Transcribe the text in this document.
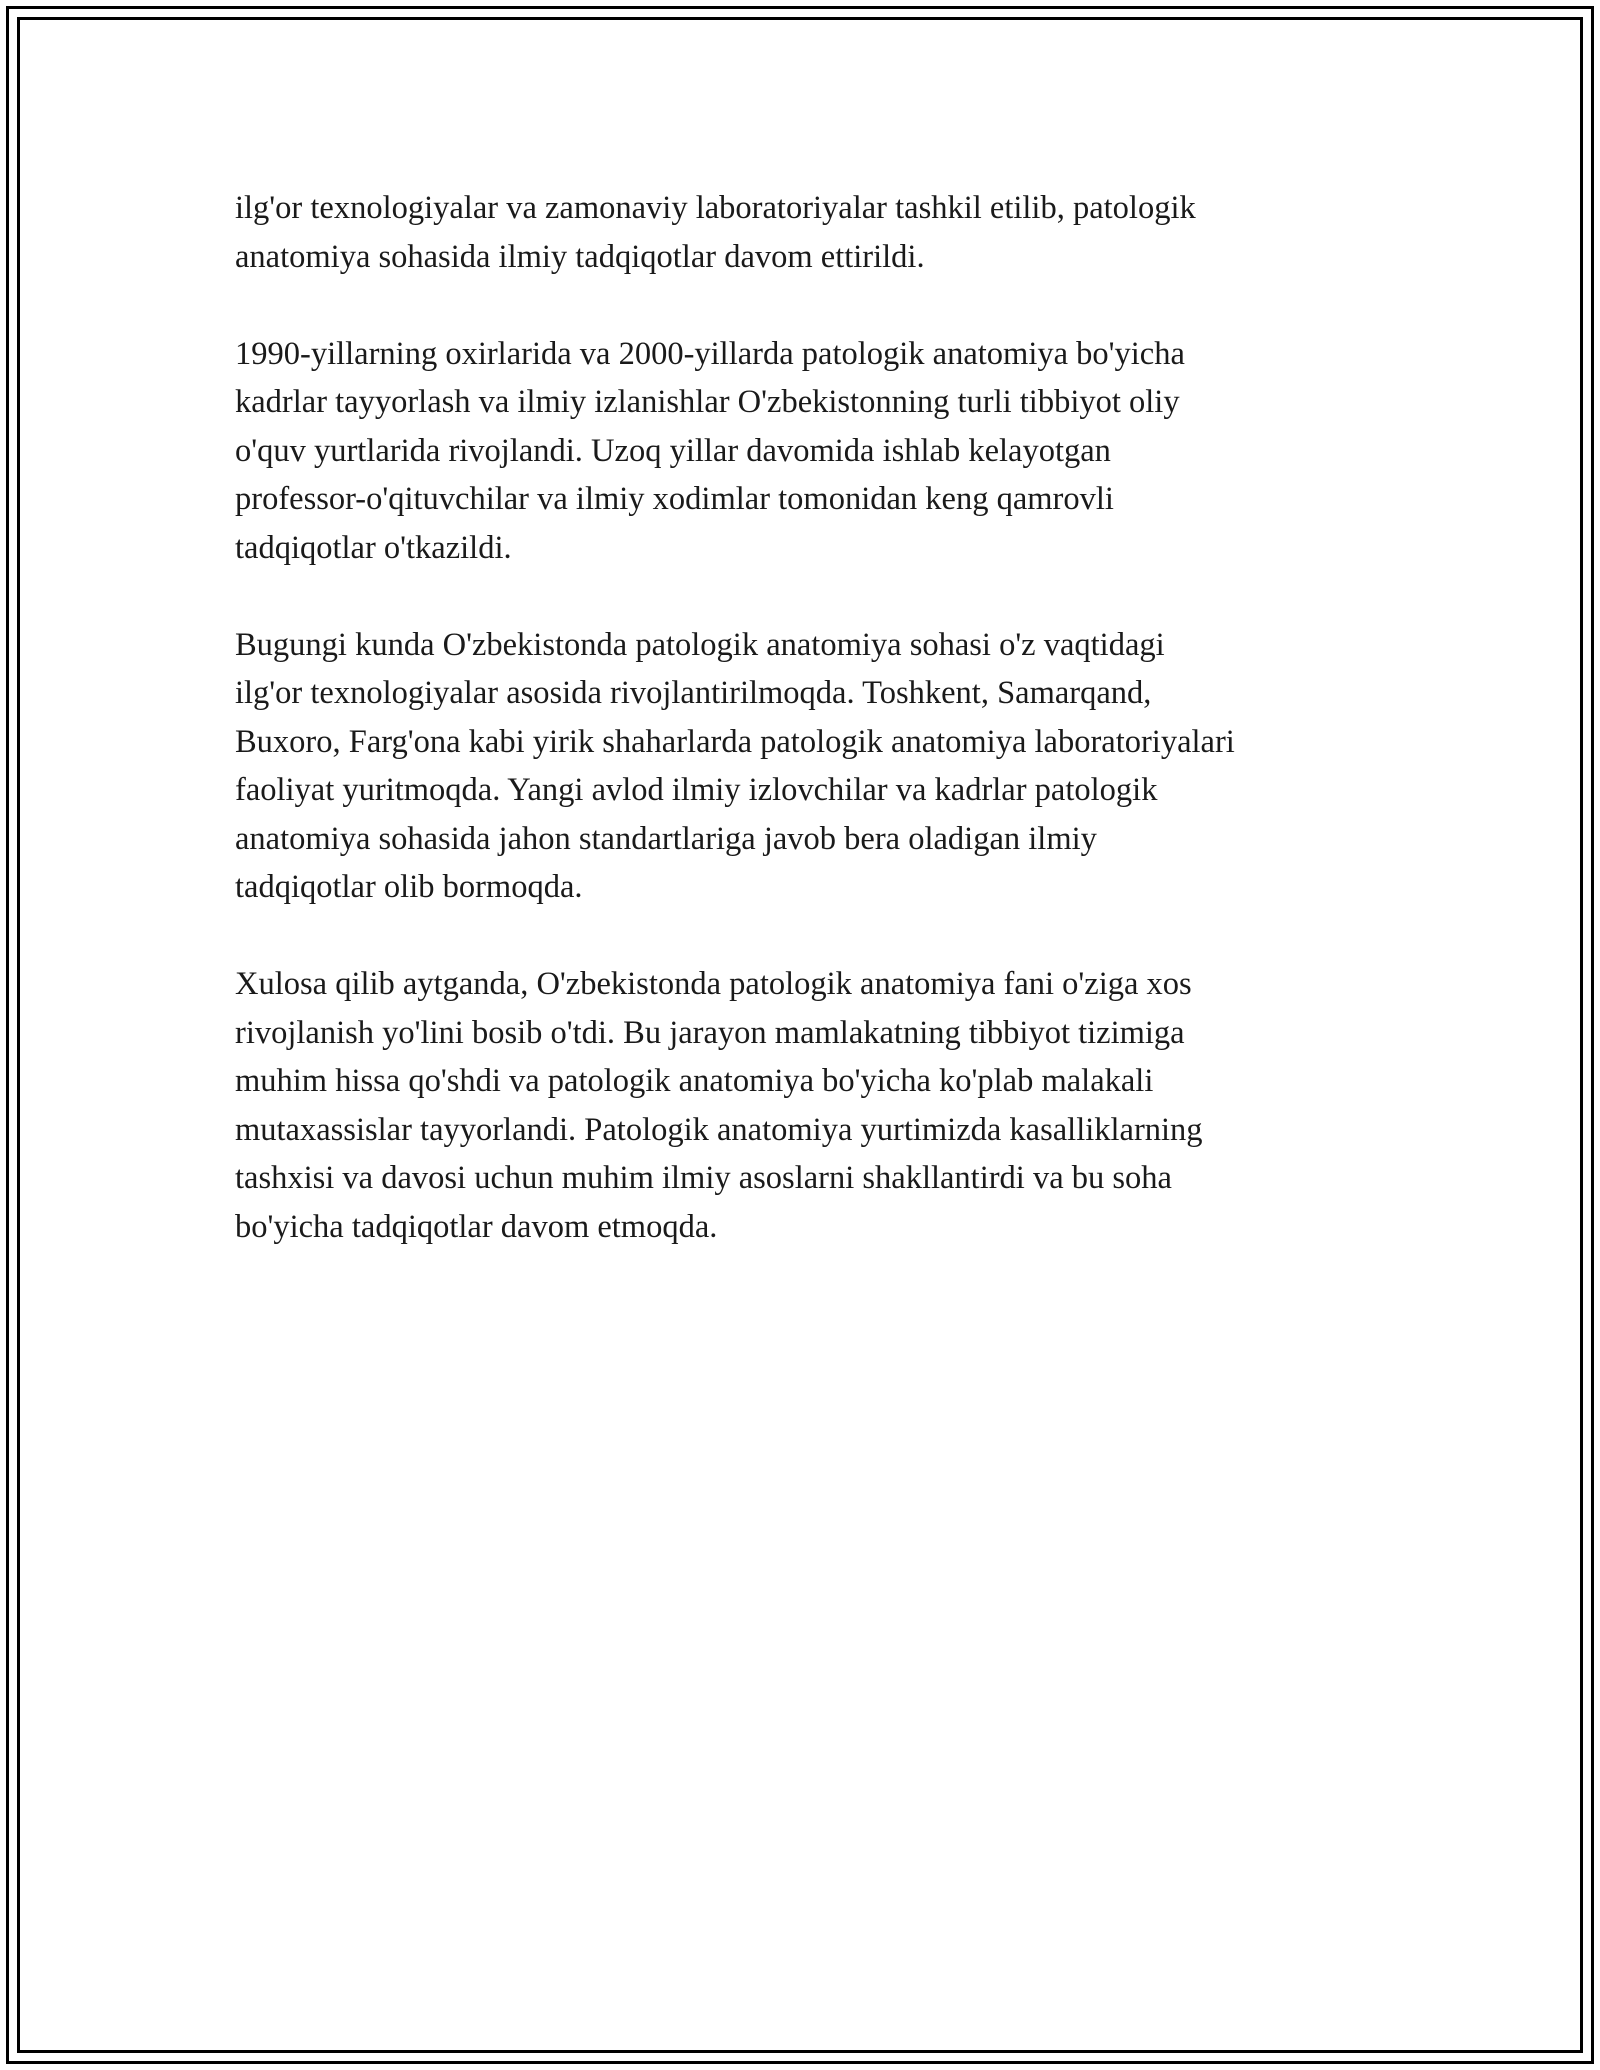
ilg'or texnologiyalar va zamonaviy laboratoriyalar tashkil etilib, patologik
anatomiya sohasida ilmiy tadqiqotlar davom ettirildi.

1990-yillarning oxirlarida va 2000-yillarda patologik anatomiya bo'yicha
kadrlar tayyorlash va ilmiy izlanishlar O'zbekistonning turli tibbiyot oliy
o'quv yurtlarida rivojlandi. Uzoq yillar davomida ishlab kelayotgan
professor-o'qituvchilar va ilmiy xodimlar tomonidan keng qamrovli
tadqiqotlar o'tkazildi.

Bugungi kunda O'zbekistonda patologik anatomiya sohasi o'z vaqtidagi
ilg'or texnologiyalar asosida rivojlantirilmoqda. Toshkent, Samarqand,
Buxoro, Farg'ona kabi yirik shaharlarda patologik anatomiya laboratoriyalari
faoliyat yuritmoqda. Yangi avlod ilmiy izlovchilar va kadrlar patologik
anatomiya sohasida jahon standartlariga javob bera oladigan ilmiy
tadqiqotlar olib bormoqda.

Xulosa qilib aytganda, O'zbekistonda patologik anatomiya fani o'ziga xos
rivojlanish yo'lini bosib o'tdi. Bu jarayon mamlakatning tibbiyot tizimiga
muhim hissa qo'shdi va patologik anatomiya bo'yicha ko'plab malakali
mutaxassislar tayyorlandi. Patologik anatomiya yurtimizda kasalliklarning
tashxisi va davosi uchun muhim ilmiy asoslarni shakllantirdi va bu soha
bo'yicha tadqiqotlar davom etmoqda.
